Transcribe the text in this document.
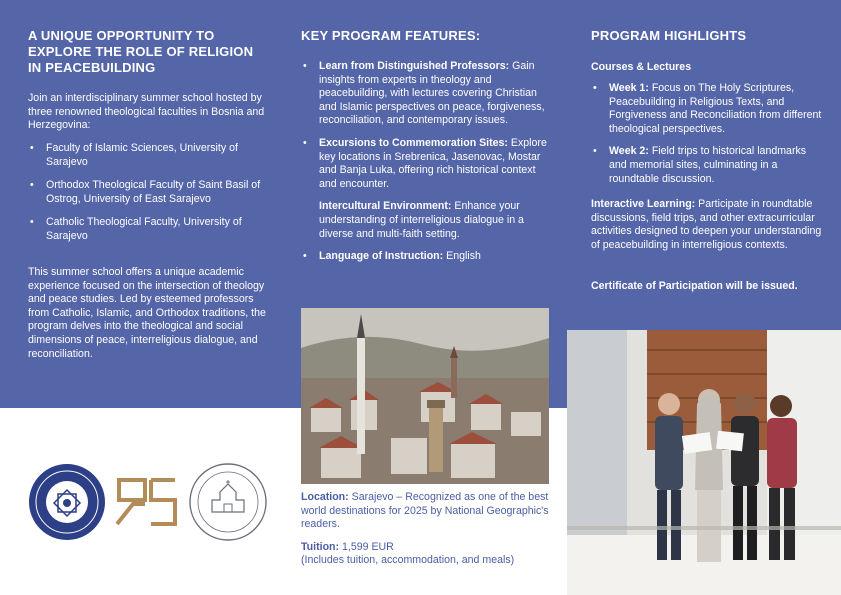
A UNIQUE OPPORTUNITY TO EXPLORE THE ROLE OF RELIGION IN PEACEBUILDING

Join an interdisciplinary summer school hosted by three renowned theological faculties in Bosnia and Herzegovina:

• Faculty of Islamic Sciences, University of Sarajevo
• Orthodox Theological Faculty of Saint Basil of Ostrog, University of East Sarajevo
• Catholic Theological Faculty, University of Sarajevo

This summer school offers a unique academic experience focused on the intersection of theology and peace studies. Led by esteemed professors from Catholic, Islamic, and Orthodox traditions, the program delves into the theological and social dimensions of peace, interreligious dialogue, and reconciliation.

KEY PROGRAM FEATURES:
• Learn from Distinguished Professors: Gain insights from experts in theology and peacebuilding, with lectures covering Christian and Islamic perspectives on peace, forgiveness, reconciliation, and contemporary issues.
• Excursions to Commemoration Sites: Explore key locations in Srebrenica, Jasenovac, Mostar and Banja Luka, offering rich historical context and encounter.
Intercultural Environment: Enhance your understanding of interreligious dialogue in a diverse and multi-faith setting.
• Language of Instruction: English

Location: Sarajevo – Recognized as one of the best world destinations for 2025 by National Geographic's readers.

Tuition: 1,599 EUR
(Includes tuition, accommodation, and meals)

PROGRAM HIGHLIGHTS
Courses & Lectures
• Week 1: Focus on The Holy Scriptures, Peacebuilding in Religious Texts, and Forgiveness and Reconciliation from different theological perspectives.
• Week 2: Field trips to historical landmarks and memorial sites, culminating in a roundtable discussion.

Interactive Learning: Participate in roundtable discussions, field trips, and other extracurricular activities designed to deepen your understanding of peacebuilding in interreligious contexts.

Certificate of Participation will be issued.
